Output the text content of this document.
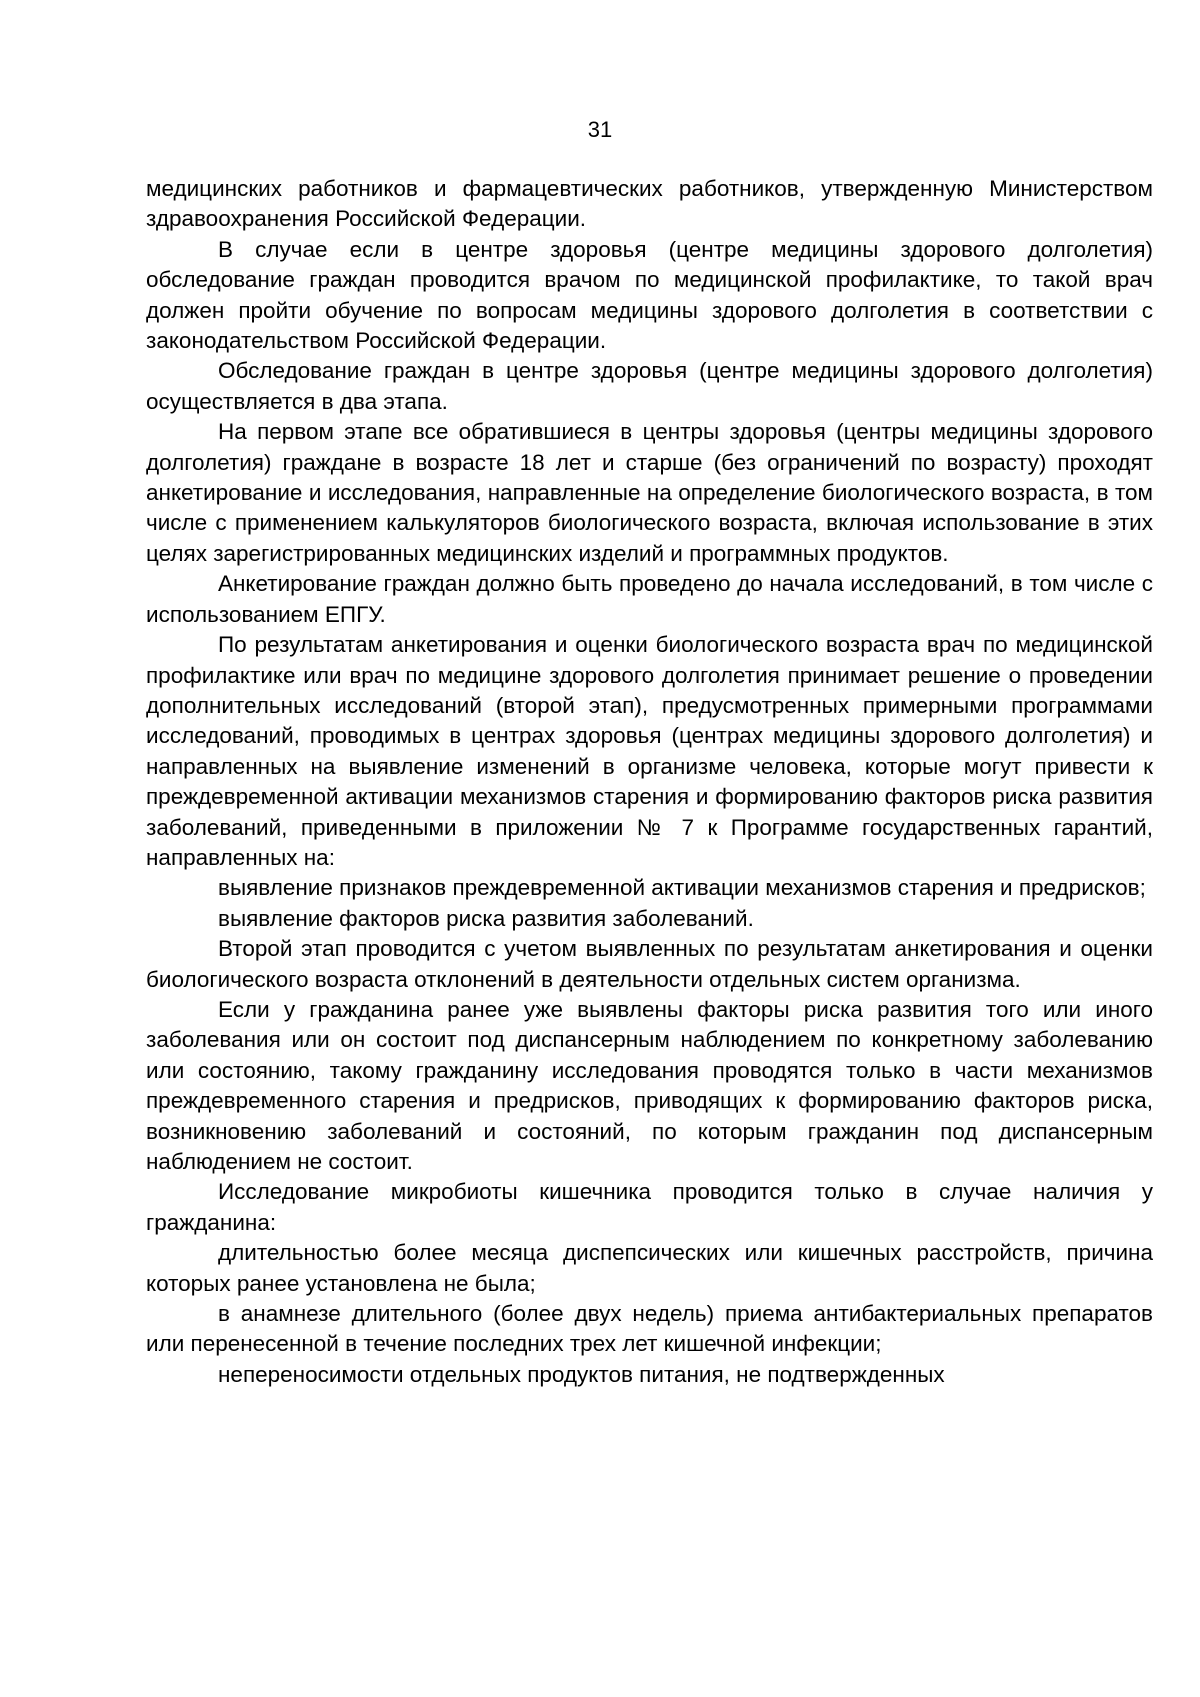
31

медицинских работников и фармацевтических работников, утвержденную Министерством здравоохранения Российской Федерации.

В случае если в центре здоровья (центре медицины здорового долголетия) обследование граждан проводится врачом по медицинской профилактике, то такой врач должен пройти обучение по вопросам медицины здорового долголетия в соответствии с законодательством Российской Федерации.

Обследование граждан в центре здоровья (центре медицины здорового долголетия) осуществляется в два этапа.

На первом этапе все обратившиеся в центры здоровья (центры медицины здорового долголетия) граждане в возрасте 18 лет и старше (без ограничений по возрасту) проходят анкетирование и исследования, направленные на определение биологического возраста, в том числе с применением калькуляторов биологического возраста, включая использование в этих целях зарегистрированных медицинских изделий и программных продуктов.

Анкетирование граждан должно быть проведено до начала исследований, в том числе с использованием ЕПГУ.

По результатам анкетирования и оценки биологического возраста врач по медицинской профилактике или врач по медицине здорового долголетия принимает решение о проведении дополнительных исследований (второй этап), предусмотренных примерными программами исследований, проводимых в центрах здоровья (центрах медицины здорового долголетия) и направленных на выявление изменений в организме человека, которые могут привести к преждевременной активации механизмов старения и формированию факторов риска развития заболеваний, приведенными в приложении № 7 к Программе государственных гарантий, направленных на:

выявление признаков преждевременной активации механизмов старения и предрисков;

выявление факторов риска развития заболеваний.

Второй этап проводится с учетом выявленных по результатам анкетирования и оценки биологического возраста отклонений в деятельности отдельных систем организма.

Если у гражданина ранее уже выявлены факторы риска развития того или иного заболевания или он состоит под диспансерным наблюдением по конкретному заболеванию или состоянию, такому гражданину исследования проводятся только в части механизмов преждевременного старения и предрисков, приводящих к формированию факторов риска, возникновению заболеваний и состояний, по которым гражданин под диспансерным наблюдением не состоит.

Исследование микробиоты кишечника проводится только в случае наличия у гражданина:

длительностью более месяца диспепсических или кишечных расстройств, причина которых ранее установлена не была;

в анамнезе длительного (более двух недель) приема антибактериальных препаратов или перенесенной в течение последних трех лет кишечной инфекции;

непереносимости отдельных продуктов питания, не подтвержденных
